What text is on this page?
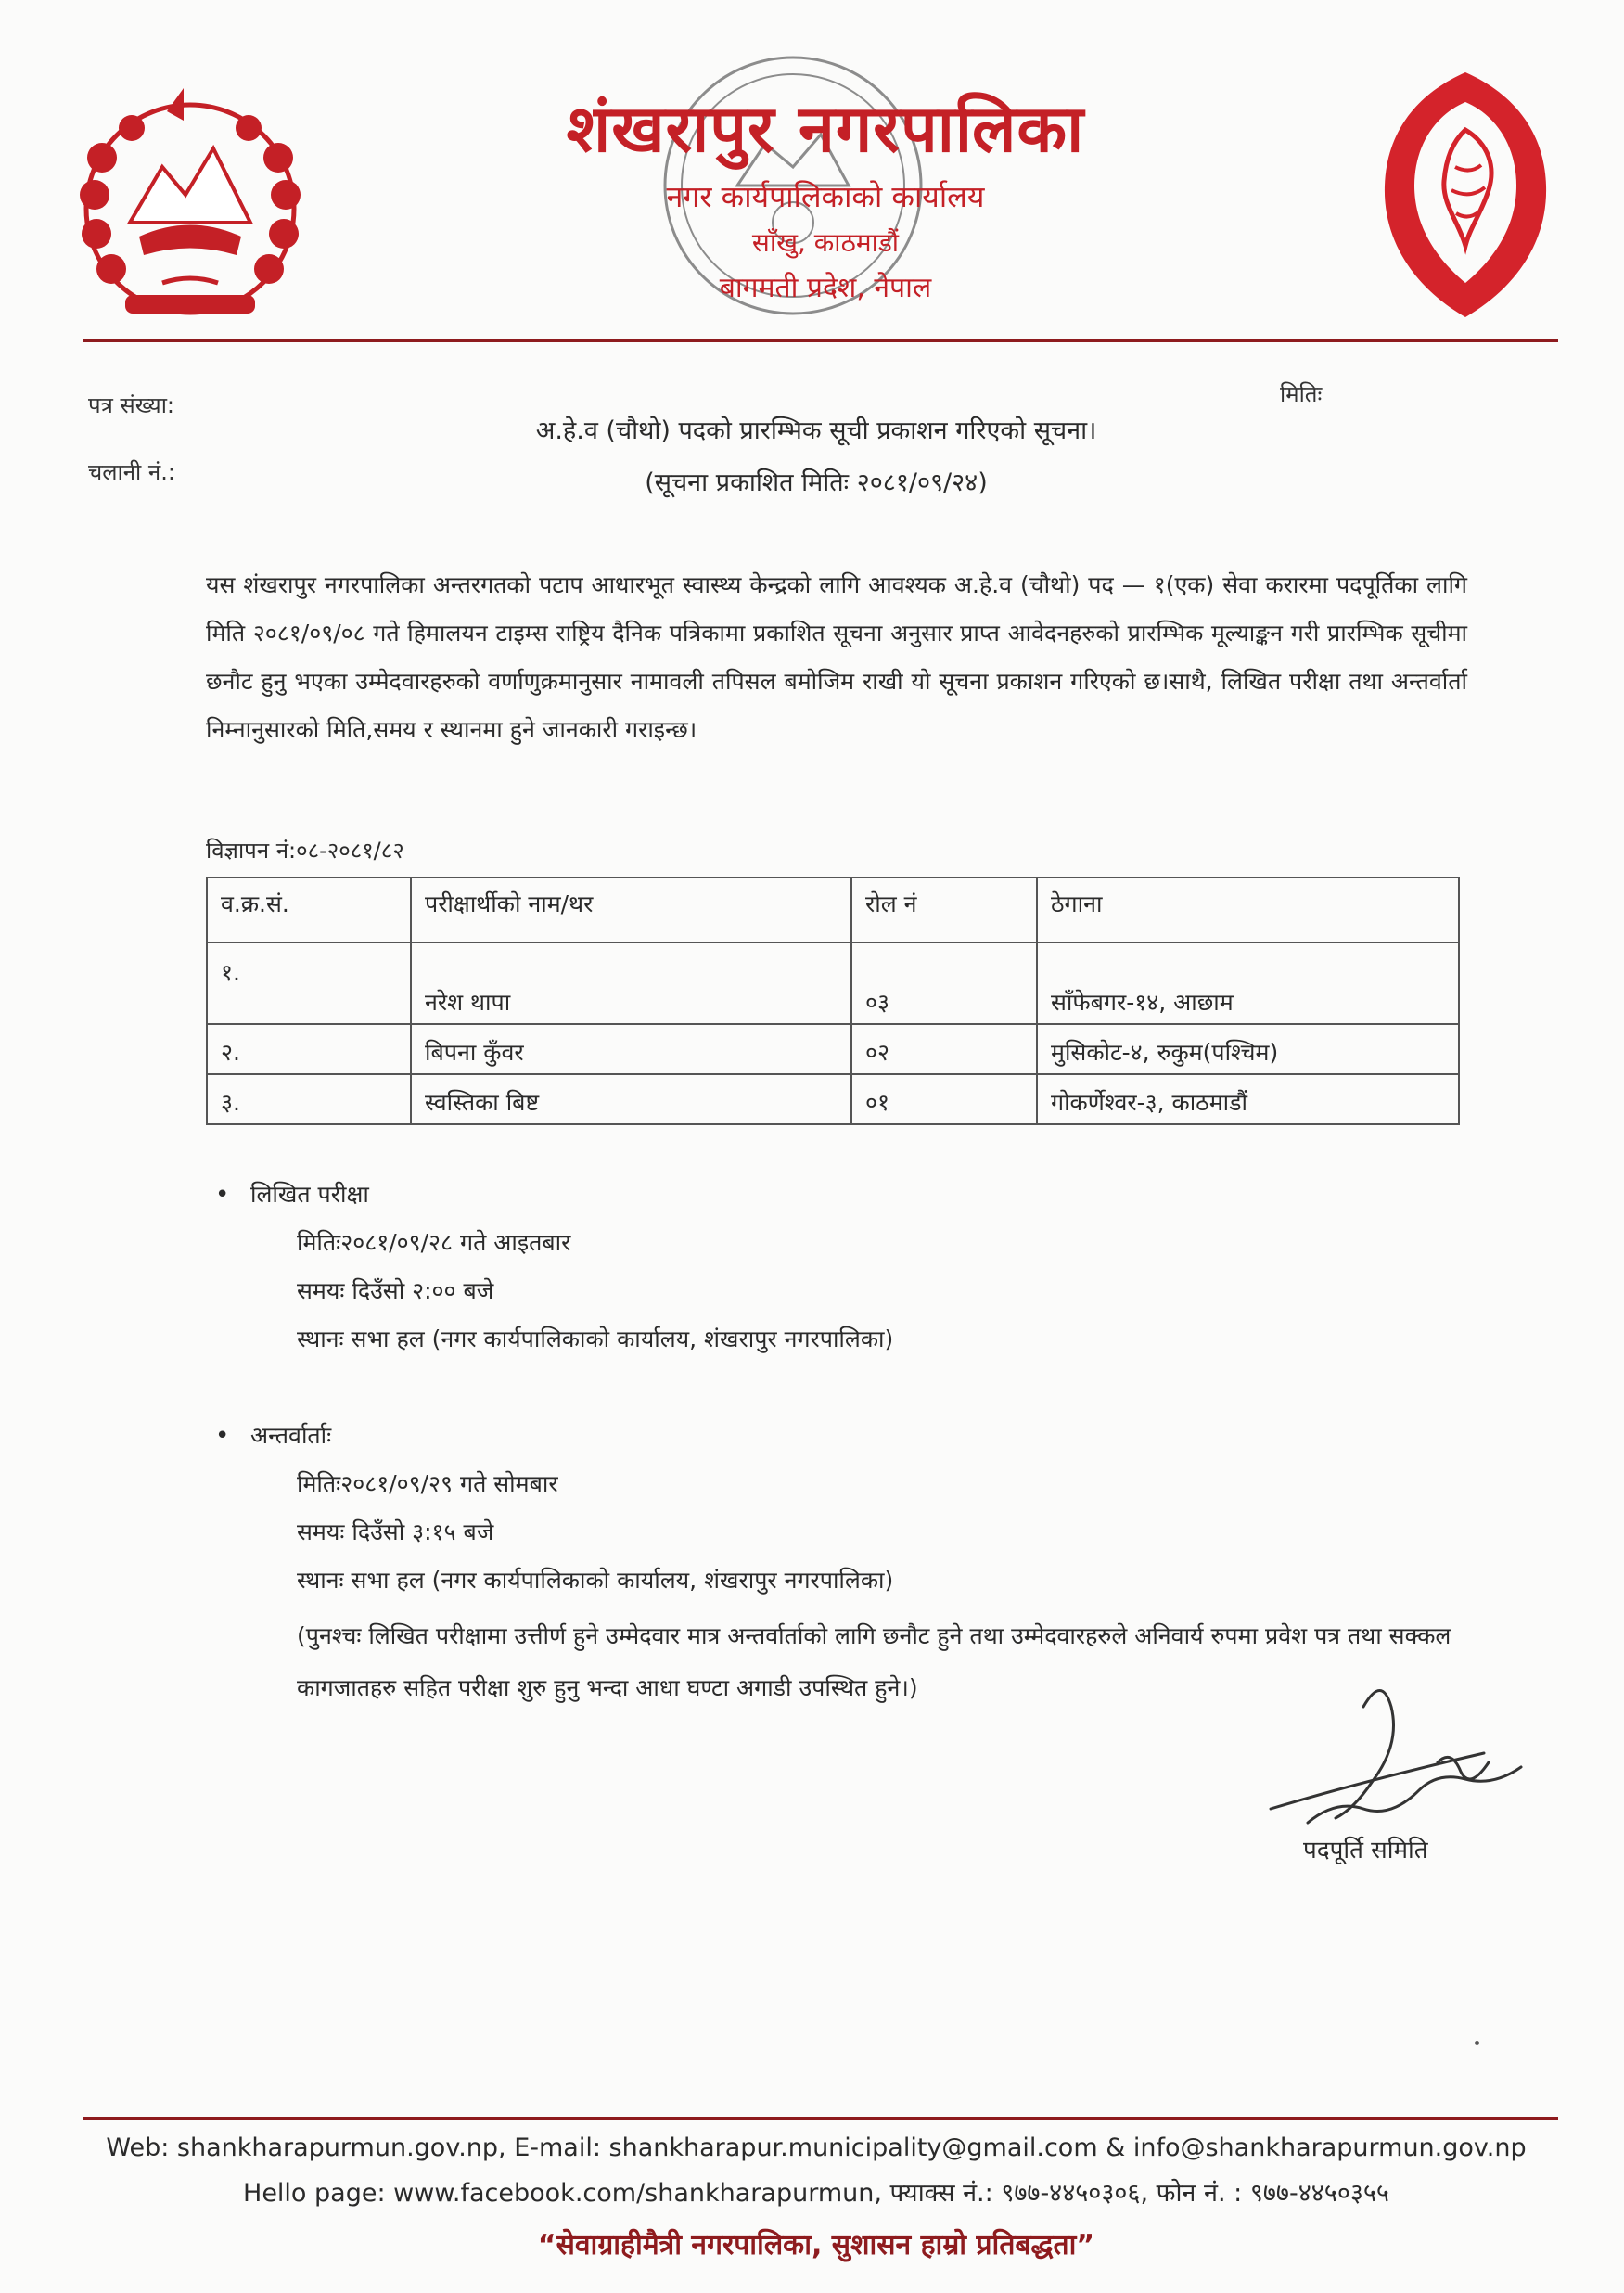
शंखरापुर नगरपालिका
नगर कार्यपालिकाको कार्यालय
साँखु, काठमाडौं
बागमती प्रदेश, नेपाल
पत्र संख्या:
चलानी नं.:
मितिः
अ.हे.व (चौथो) पदको प्रारम्भिक सूची प्रकाशन गरिएको सूचना।
(सूचना प्रकाशित मितिः २०८१/०९/२४)
यस शंखरापुर नगरपालिका अन्तरगतको पटाप आधारभूत स्वास्थ्य केन्द्रको लागि आवश्यक अ.हे.व (चौथो) पद — १(एक) सेवा करारमा पदपूर्तिका लागि मिति २०८१/०९/०८ गते हिमालयन टाइम्स राष्ट्रिय दैनिक पत्रिकामा प्रकाशित सूचना अनुसार प्राप्त आवेदनहरुको प्रारम्भिक मूल्याङ्कन गरी प्रारम्भिक सूचीमा छनौट हुनु भएका उम्मेदवारहरुको वर्णाणुक्रमानुसार नामावली तपिसल बमोजिम राखी यो सूचना प्रकाशन गरिएको छ।साथै, लिखित परीक्षा तथा अन्तर्वार्ता निम्नानुसारको मिति,समय र स्थानमा हुने जानकारी गराइन्छ।
विज्ञापन नं:०८-२०८१/८२
व.क्र.सं.	परीक्षार्थीको नाम/थर	रोल नं	ठेगाना
१.	नरेश थापा	०३	साँफेबगर-१४, आछाम
२.	बिपना कुँवर	०२	मुसिकोट-४, रुकुम(पश्चिम)
३.	स्वस्तिका बिष्ट	०१	गोकर्णेश्वर-३, काठमाडौं
• लिखित परीक्षा
मितिः२०८१/०९/२८ गते आइतबार
समयः दिउँसो २:०० बजे
स्थानः सभा हल (नगर कार्यपालिकाको कार्यालय, शंखरापुर नगरपालिका)
• अन्तर्वार्ताः
मितिः२०८१/०९/२९ गते सोमबार
समयः दिउँसो ३:१५ बजे
स्थानः सभा हल (नगर कार्यपालिकाको कार्यालय, शंखरापुर नगरपालिका)
(पुनश्चः लिखित परीक्षामा उत्तीर्ण हुने उम्मेदवार मात्र अन्तर्वार्ताको लागि छनौट हुने तथा उम्मेदवारहरुले अनिवार्य रुपमा प्रवेश पत्र तथा सक्कल कागजातहरु सहित परीक्षा शुरु हुनु भन्दा आधा घण्टा अगाडी उपस्थित हुने।)
पदपूर्ति समिति
Web: shankharapurmun.gov.np, E-mail: shankharapur.municipality@gmail.com & info@shankharapurmun.gov.np
Hello page: www.facebook.com/shankharapurmun, फ्याक्स नं.: ९७७-४४५०३०६, फोन नं. : ९७७-४४५०३५५
“सेवाग्राहीमैत्री नगरपालिका, सुशासन हाम्रो प्रतिबद्धता”
